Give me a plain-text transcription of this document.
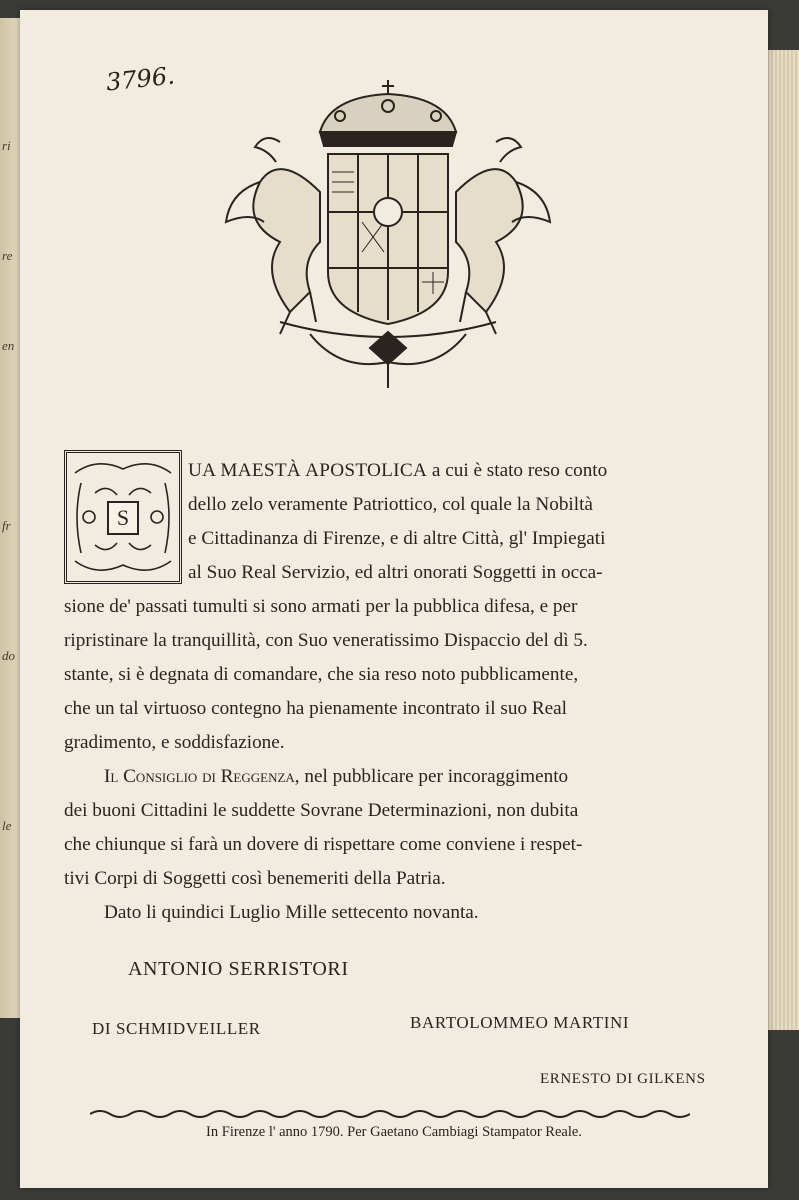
ri
re
en
fr
do
le
3796.
S
UA MAESTÀ APOSTOLICA a cui è stato reso conto
dello zelo veramente Patriottico, col quale la Nobiltà
e Cittadinanza di Firenze, e di altre Città, gl' Impiegati
al Suo Real Servizio, ed altri onorati Soggetti in occa-
sione de' passati tumulti si sono armati per la pubblica difesa, e per
ripristinare la tranquillità, con Suo veneratissimo Dispaccio del dì 5.
stante, si è degnata di comandare, che sia reso noto pubblicamente,
che un tal virtuoso contegno ha pienamente incontrato il suo Real
gradimento, e soddisfazione.
Il Consiglio di Reggenza, nel pubblicare per incoraggimento
dei buoni Cittadini le suddette Sovrane Determinazioni, non dubita
che chiunque si farà un dovere di rispettare come conviene i respet-
tivi Corpi di Soggetti così benemeriti della Patria.
Dato li quindici Luglio Mille settecento novanta.
ANTONIO SERRISTORI
DI SCHMIDVEILLER	BARTOLOMMEO MARTINI
ERNESTO DI GILKENS
In Firenze l' anno 1790. Per Gaetano Cambiagi Stampator Reale.
